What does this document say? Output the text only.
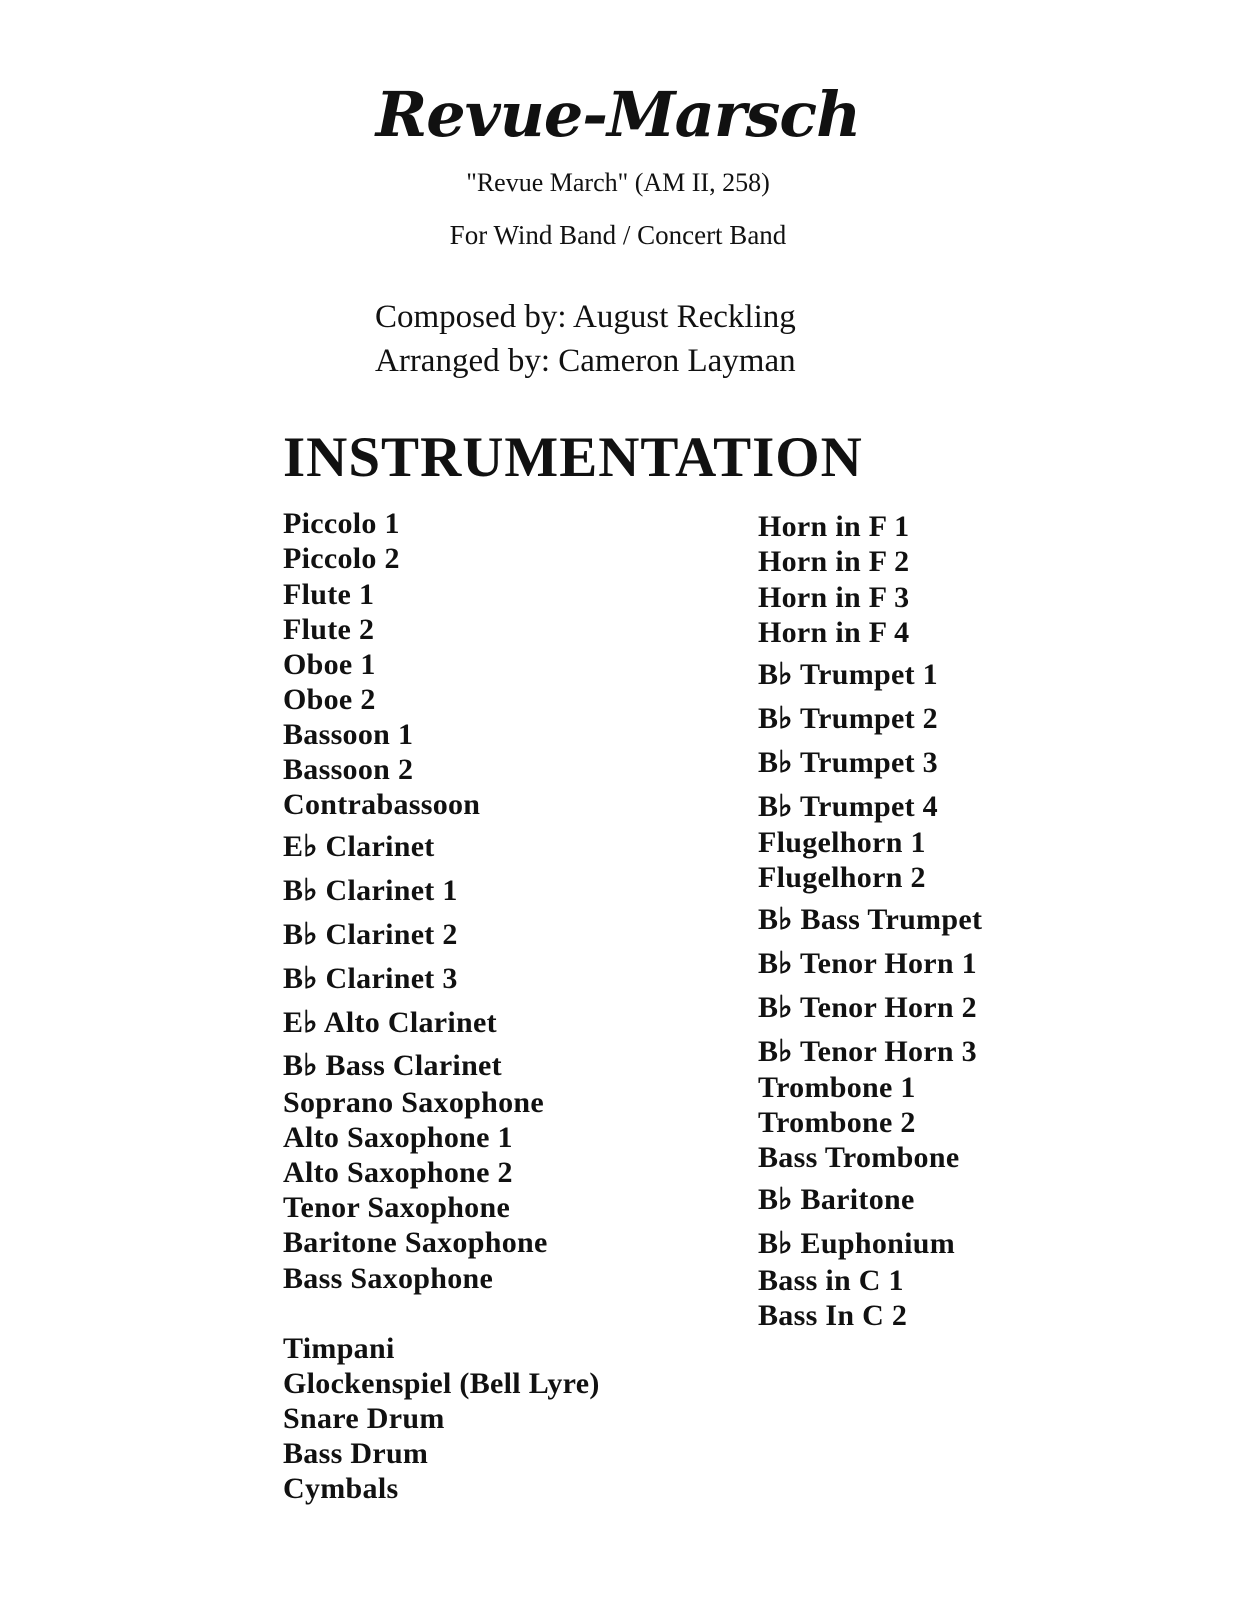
Revue-Marsch
"Revue March" (AM II, 258)
For Wind Band / Concert Band
Composed by: August Reckling
Arranged by: Cameron Layman
INSTRUMENTATION
Piccolo 1
Piccolo 2
Flute 1
Flute 2
Oboe 1
Oboe 2
Bassoon 1
Bassoon 2
Contrabassoon
E♭ Clarinet
B♭ Clarinet 1
B♭ Clarinet 2
B♭ Clarinet 3
E♭ Alto Clarinet
B♭ Bass Clarinet
Soprano Saxophone
Alto Saxophone 1
Alto Saxophone 2
Tenor Saxophone
Baritone Saxophone
Bass Saxophone
Timpani
Glockenspiel (Bell Lyre)
Snare Drum
Bass Drum
Cymbals
Horn in F 1
Horn in F 2
Horn in F 3
Horn in F 4
B♭ Trumpet 1
B♭ Trumpet 2
B♭ Trumpet 3
B♭ Trumpet 4
Flugelhorn 1
Flugelhorn 2
B♭ Bass Trumpet
B♭ Tenor Horn 1
B♭ Tenor Horn 2
B♭ Tenor Horn 3
Trombone 1
Trombone 2
Bass Trombone
B♭ Baritone
B♭ Euphonium
Bass in C 1
Bass In C 2
